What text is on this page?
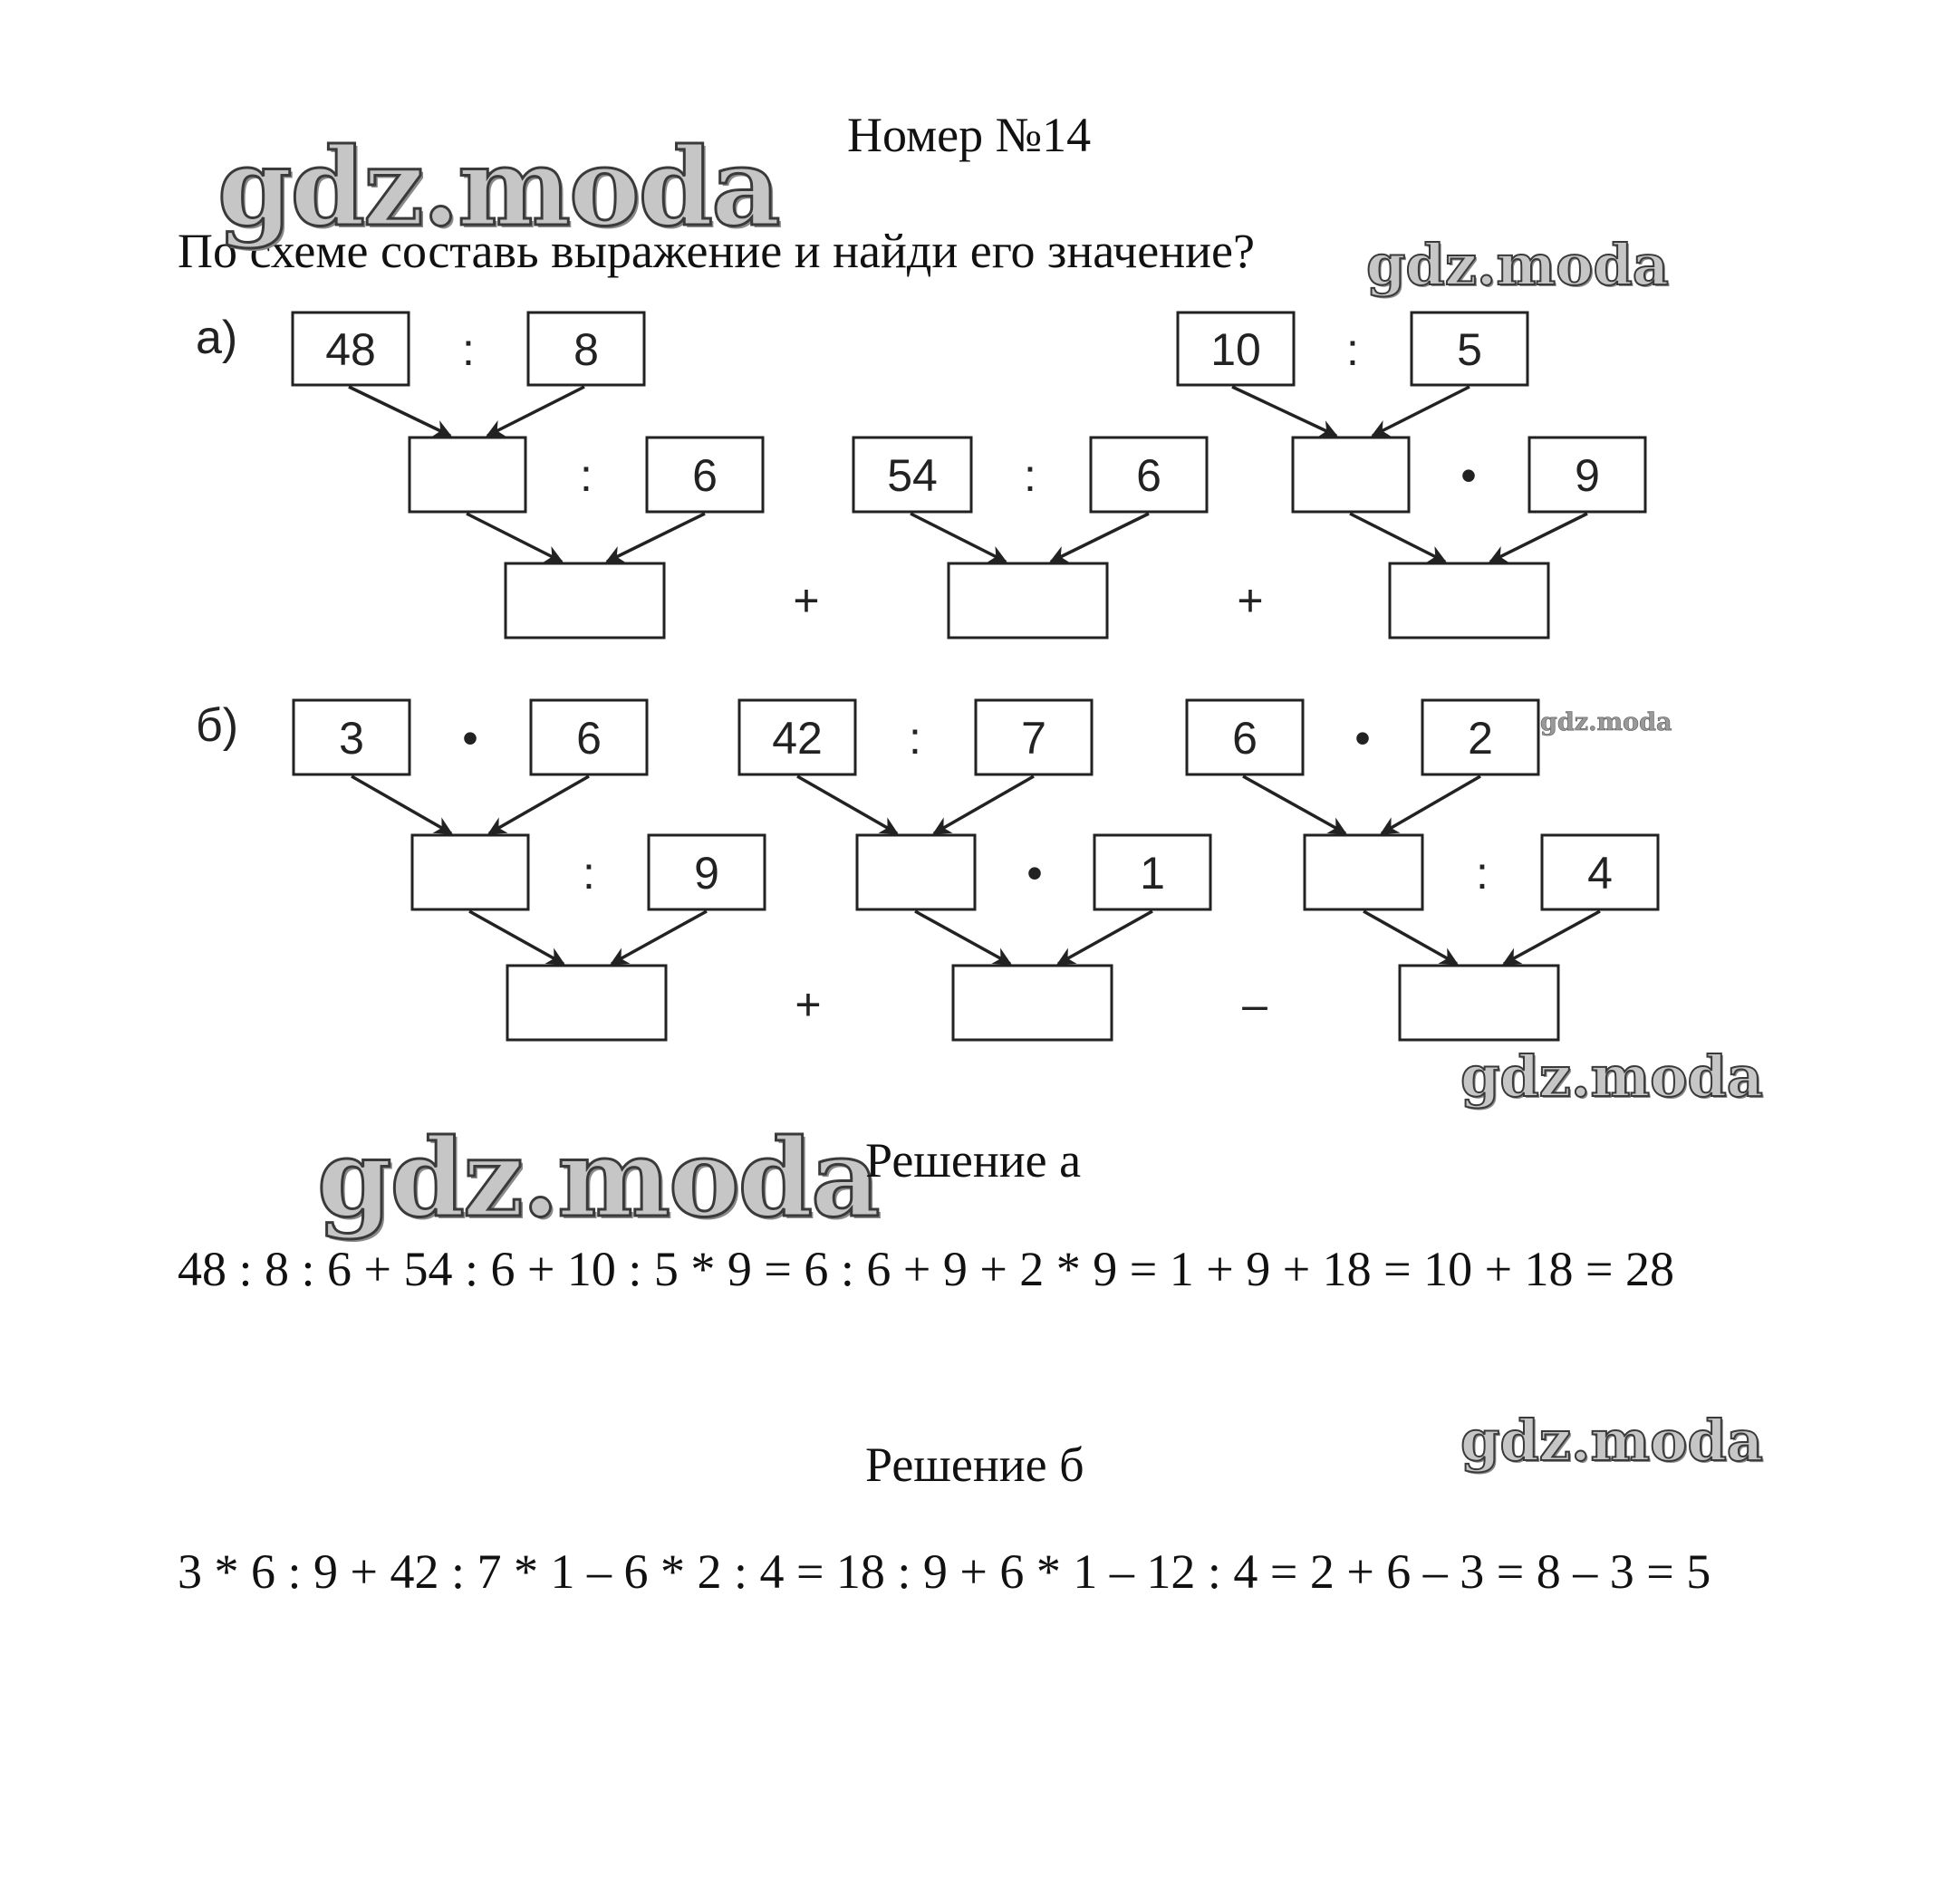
Номер №14
По схеме составь выражение и найди его значение?
gdz.moda
gdz.moda
gdz.moda
gdz.moda
gdz.moda
gdz.moda
а)
б)
48 : 8	10 : 5
: 6	54 : 6	• 9
+	+
3 • 6	42 : 7	6 • 2
: 9	• 1	: 4
+	–
Решение а
48 : 8 : 6 + 54 : 6 + 10 : 5 * 9 = 6 : 6 + 9 + 2 * 9 = 1 + 9 + 18 = 10 + 18 = 28
Решение б
3 * 6 : 9 + 42 : 7 * 1 – 6 * 2 : 4 = 18 : 9 + 6 * 1 – 12 : 4 = 2 + 6 – 3 = 8 – 3 = 5
